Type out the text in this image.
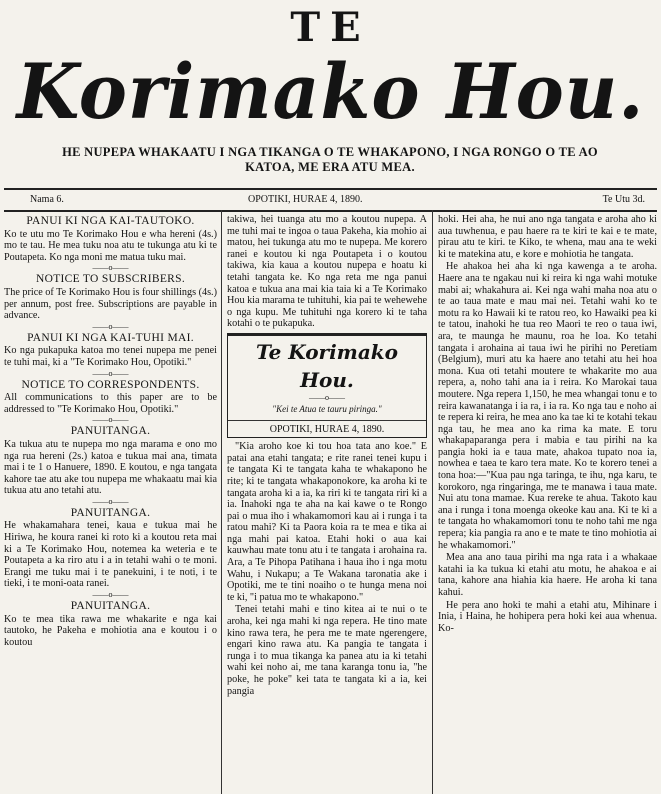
TE
Korimako Hou.
HE NUPEPA WHAKAATU I NGA TIKANGA O TE WHAKAPONO, I NGA RONGO O TE AO KATOA, ME ERA ATU MEA.
Nama 6.	OPOTIKI, HURAE 4, 1890.	Te Utu 3d.
PANUI KI NGA KAI-TAUTOKO.

Ko te utu mo Te Korimako Hou e wha hereni (4s.) mo te tau. He mea tuku noa atu te tukunga atu ki te Poutapeta. Ko nga moni me matua tuku mai.

——o——
NOTICE TO SUBSCRIBERS.

The price of Te Korimako Hou is four shillings (4s.) per annum, post free. Subscriptions are payable in advance.

——o——
PANUI KI NGA KAI-TUHI MAI.

Ko nga pukapuka katoa mo tenei nupepa me penei te tuhi mai, ki a "Te Korimako Hou, Opotiki."

——o——
NOTICE TO CORRESPONDENTS.

All communications to this paper are to be addressed to "Te Korimako Hou, Opotiki."

——o——
PANUITANGA.

Ka tukua atu te nupepa mo nga marama e ono mo nga rua hereni (2s.) katoa e tukua mai ana, timata mai i te 1 o Hanuere, 1890. E koutou, e nga tangata kahore tae atu ake tou nupepa me whakaatu mai kia tukua atu ano tetahi atu.

——o——
PANUITANGA.

He whakamahara tenei, kaua e tukua mai he Hiriwa, he koura ranei ki roto ki a koutou reta mai ki a Te Korimako Hou, notemea ka weteria e te Poutapeta a ka riro atu i a in tetahi wahi o te moni. Erangi me tuku mai i te panekuini, i te noti, i te tieki, i te moni-oata ranei.

——o——
PANUITANGA.

Ko te mea tika rawa me whakarite e nga kai tautoko, he Pakeha e mohiotia ana e koutou i o koutou

takiwa, hei tuanga atu mo a koutou nupepa. A me tuhi mai te ingoa o taua Pakeha, kia mohio ai matou, hei tukunga atu mo te nupepa. Me korero ranei e koutou ki nga Poutapeta i o koutou takiwa, kia kaua a koutou nupepa e hoatu ki tetahi tangata ke. Ko nga reta me nga panui katoa e tukua ana mai kia taia ki a Te Korimako Hou kia marama te tuhituhi, kia pai te wehewehe o nga kupu. Me tuhituhi nga korero ki te taha kotahi o te pukapuka.

Te Korimako Hou.
——o——
"Kei te Atua te tauru piringa."
OPOTIKI, HURAE 4, 1890.

"Kia aroho koe ki tou hoa tata ano koe." E patai ana etahi tangata; e rite ranei tenei kupu i te tangata Ki te tangata kaha te whakapono he rite; ki te tangata whakaponokore, ka aroha ki te tangata aroha ki a ia, ka riri ki te tangata riri ki a ia. Inahoki nga te aha na kai kawe o te Rongo pai o mua iho i whakamomori kau ai i runga i ta ratou mahi? Ki ta Paora koia ra te mea e tika ai nga mahi pai katoa. Etahi hoki o aua kai kauwhau mate tonu atu i te tangata i arohaina ra. Ara, a Te Pihopa Patihana i haua iho i nga motu Wahu, i Nukapu; a Te Wakana taronatia ake i Opotiki, me te tini noaiho o te hunga mena noi te ki, "i patua mo te whakapono."

Tenei tetahi mahi e tino kitea ai te nui o te aroha, kei nga mahi ki nga repera. He tino mate kino rawa tera, he pera me te mate ngerengere, engari kino rawa atu. Ka pangia te tangata i runga i to mua tikanga ka panea atu ia ki tetahi wahi kei noho ai, me tana karanga tonu ia, "he poke, he poke" kei tata te tangata ki a ia, kei pangia

hoki. Hei aha, he nui ano nga tangata e aroha aho ki aua tuwhenua, e pau haere ra te kiri te kai e te mate, pirau atu te kiri. te Kiko, te whena, mau ana te weki ki te matekina atu, e kore e mohiotia he tangata.

He ahakoa hei aha ki nga kawenga a te aroha. Haere ana te ngakau nui ki reira ki nga wahi motuke mabi ai; whakahura ai. Kei nga wahi maha noa atu o te ao taua mate e mau mai nei. Tetahi wahi ko te motu ra ko Hawaii ki te ratou reo, ko Hawaiki pea ki te tatou, inahoki he tua reo Maori te reo o taua iwi, ara, te maunga he maunu, roa he loa. Ko tetahi tangata i arohaina ai taua iwi he pirihi no Peretiam (Belgium), muri atu ka haere ano tetahi atu hei hoa mona. Kua oti tetahi moutere te whakarite mo aua repera, a, noho tahi ana ia i reira. Ko Marokai taua moutere. Nga repera 1,150, he mea whangai tonu e to reira kawanatanga i ia ra, i ia ra. Ko nga tau e noho ai te repera ki reira, he mea ano ka tae ki te kotahi tekau nga tau, he mea ano ka rima ka mate. E toru whakapaparanga pera i mabia e tau pirihi na ka pangia hoki ia e taua mate, ahakoa tupato noa ia, nowhea e taea te karo tera mate. Ko te korero tenei a tona hoa:—"Kua pau nga taringa, te ihu, nga karu, te korokoro, nga ringaringa, me te manawa i taua mate. Nui atu tona mamae. Kua rereke te ahua. Takoto kau ana i runga i tona moenga okeoke kau ana. Ki te ki a te tangata ho whakamomori tonu te noho tahi me nga repera; kia pangia ra ano e te mate te tino mohiotia ai he whakamomori."

Mea ana ano taua pirihi ma nga rata i a whakaae katahi ia ka tukua ki etahi atu motu, he ahakoa e ai tana, kahore ana hiahia kia haere. He aroha ki tana kahui.

He pera ano hoki te mahi a etahi atu, Mihinare i Inia, i Haina, he hohipera pera hoki kei aua whenua. Ko-
